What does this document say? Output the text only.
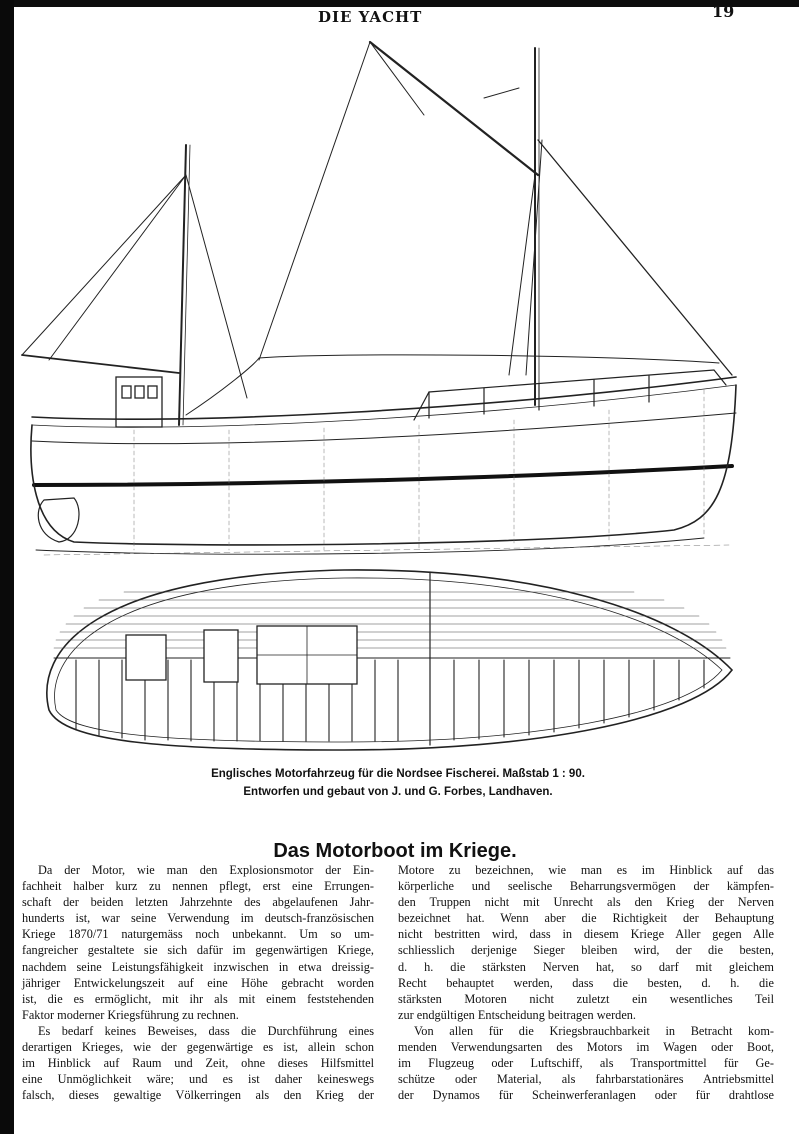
DIE YACHT	19
Englisches Motorfahrzeug für die Nordsee Fischerei. Maßstab 1 : 90.
Entworfen und gebaut von J. und G. Forbes, Landhaven.
Das Motorboot im Kriege.

Da der Motor, wie man den Explosionsmotor der Ein-

fachheit halber kurz zu nennen pflegt, erst eine Errungen-

schaft der beiden letzten Jahrzehnte des abgelaufenen Jahr-

hunderts ist, war seine Verwendung im deutsch-französischen

Kriege 1870/71 naturgemäss noch unbekannt. Um so um-

fangreicher gestaltete sie sich dafür im gegenwärtigen Kriege,

nachdem seine Leistungsfähigkeit inzwischen in etwa dreissig-

jähriger Entwickelungszeit auf eine Höhe gebracht worden

ist, die es ermöglicht, mit ihr als mit einem feststehenden

Faktor moderner Kriegsführung zu rechnen.

Es bedarf keines Beweises, dass die Durchführung eines

derartigen Krieges, wie der gegenwärtige es ist, allein schon

im Hinblick auf Raum und Zeit, ohne dieses Hilfsmittel

eine Unmöglichkeit wäre; und es ist daher keineswegs

falsch, dieses gewaltige Völkerringen als den Krieg der

Motore zu bezeichnen, wie man es im Hinblick auf das

körperliche und seelische Beharrungsvermögen der kämpfen-

den Truppen nicht mit Unrecht als den Krieg der Nerven

bezeichnet hat. Wenn aber die Richtigkeit der Behauptung

nicht bestritten wird, dass in diesem Kriege Aller gegen Alle

schliesslich derjenige Sieger bleiben wird, der die besten,

d. h. die stärksten Nerven hat, so darf mit gleichem

Recht behauptet werden, dass die besten, d. h. die

stärksten Motoren nicht zuletzt ein wesentliches Teil

zur endgültigen Entscheidung beitragen werden.

Von allen für die Kriegsbrauchbarkeit in Betracht kom-

menden Verwendungsarten des Motors im Wagen oder Boot,

im Flugzeug oder Luftschiff, als Transportmittel für Ge-

schütze oder Material, als fahrbarstationäres Antriebsmittel

der Dynamos für Scheinwerferanlagen oder für drahtlose
